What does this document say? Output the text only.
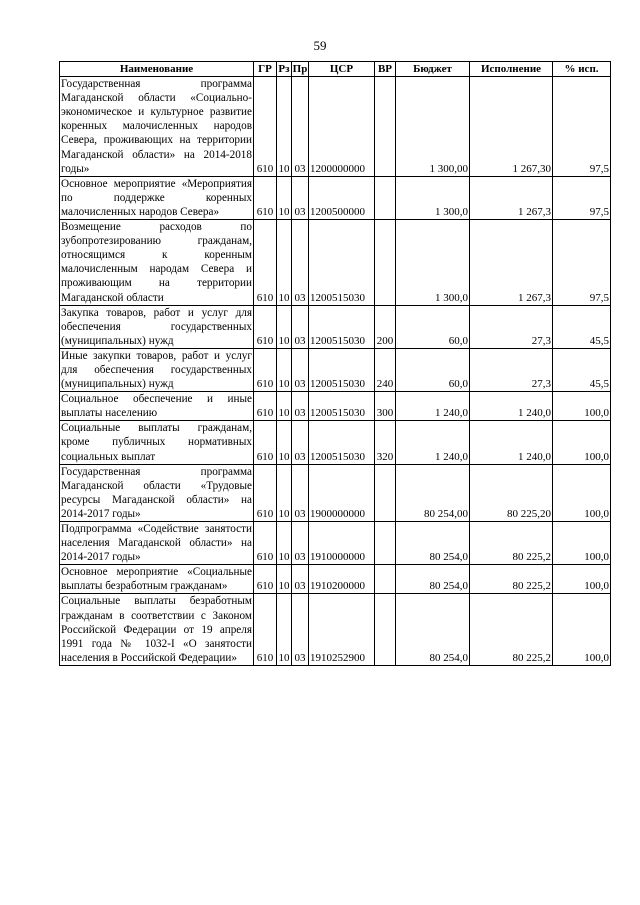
59
Наименование	ГР	Рз	Пр	ЦСР	ВР	Бюджет	Исполнение	% исп.
Государственная программа Магаданской области «Социально-экономическое и культурное развитие коренных малочисленных народов Севера, проживающих на территории Магаданской области» на 2014-2018 годы»	610	10	03	1200000000		1 300,00	1 267,30	97,5
Основное мероприятие «Мероприятия по поддержке коренных малочисленных народов Севера»	610	10	03	1200500000		1 300,0	1 267,3	97,5
Возмещение расходов по зубопротезированию гражданам, относящимся к коренным малочисленным народам Севера и проживающим на территории Магаданской области	610	10	03	1200515030		1 300,0	1 267,3	97,5
Закупка товаров, работ и услуг для обеспечения государственных (муниципальных) нужд	610	10	03	1200515030	200	60,0	27,3	45,5
Иные закупки товаров, работ и услуг для обеспечения государственных (муниципальных) нужд	610	10	03	1200515030	240	60,0	27,3	45,5
Социальное обеспечение и иные выплаты населению	610	10	03	1200515030	300	1 240,0	1 240,0	100,0
Социальные выплаты гражданам, кроме публичных нормативных социальных выплат	610	10	03	1200515030	320	1 240,0	1 240,0	100,0
Государственная программа Магаданской области «Трудовые ресурсы Магаданской области» на 2014-2017 годы»	610	10	03	1900000000		80 254,00	80 225,20	100,0
Подпрограмма «Содействие занятости населения Магаданской области» на 2014-2017 годы»	610	10	03	1910000000		80 254,0	80 225,2	100,0
Основное мероприятие «Социальные выплаты безработным гражданам»	610	10	03	1910200000		80 254,0	80 225,2	100,0
Социальные выплаты безработным гражданам в соответствии с Законом Российской Федерации от 19 апреля 1991 года № 1032-I «О занятости населения в Российской Федерации»	610	10	03	1910252900		80 254,0	80 225,2	100,0
